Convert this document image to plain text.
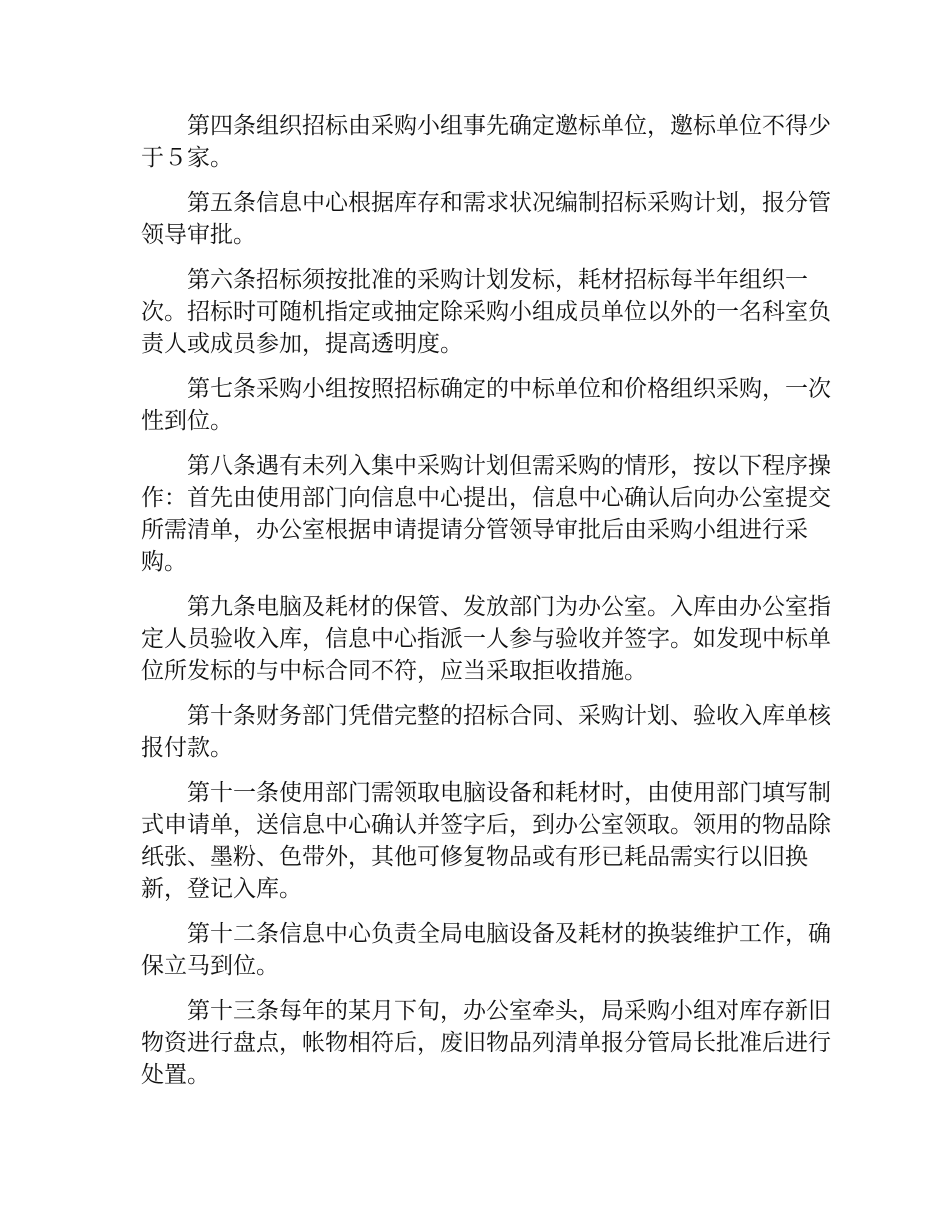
第四条组织招标由采购小组事先确定邀标单位，邀标单位不得少于５家。

第五条信息中心根据库存和需求状况编制招标采购计划，报分管领导审批。

第六条招标须按批准的采购计划发标，耗材招标每半年组织一次。招标时可随机指定或抽定除采购小组成员单位以外的一名科室负责人或成员参加，提高透明度。

第七条采购小组按照招标确定的中标单位和价格组织采购，一次性到位。

第八条遇有未列入集中采购计划但需采购的情形，按以下程序操作：首先由使用部门向信息中心提出，信息中心确认后向办公室提交所需清单，办公室根据申请提请分管领导审批后由采购小组进行采购。

第九条电脑及耗材的保管、发放部门为办公室。入库由办公室指定人员验收入库，信息中心指派一人参与验收并签字。如发现中标单位所发标的与中标合同不符，应当采取拒收措施。

第十条财务部门凭借完整的招标合同、采购计划、验收入库单核报付款。

第十一条使用部门需领取电脑设备和耗材时，由使用部门填写制式申请单，送信息中心确认并签字后，到办公室领取。领用的物品除纸张、墨粉、色带外，其他可修复物品或有形已耗品需实行以旧换新，登记入库。

第十二条信息中心负责全局电脑设备及耗材的换装维护工作，确保立马到位。

第十三条每年的某月下旬，办公室牵头，局采购小组对库存新旧物资进行盘点，帐物相符后，废旧物品列清单报分管局长批准后进行处置。
